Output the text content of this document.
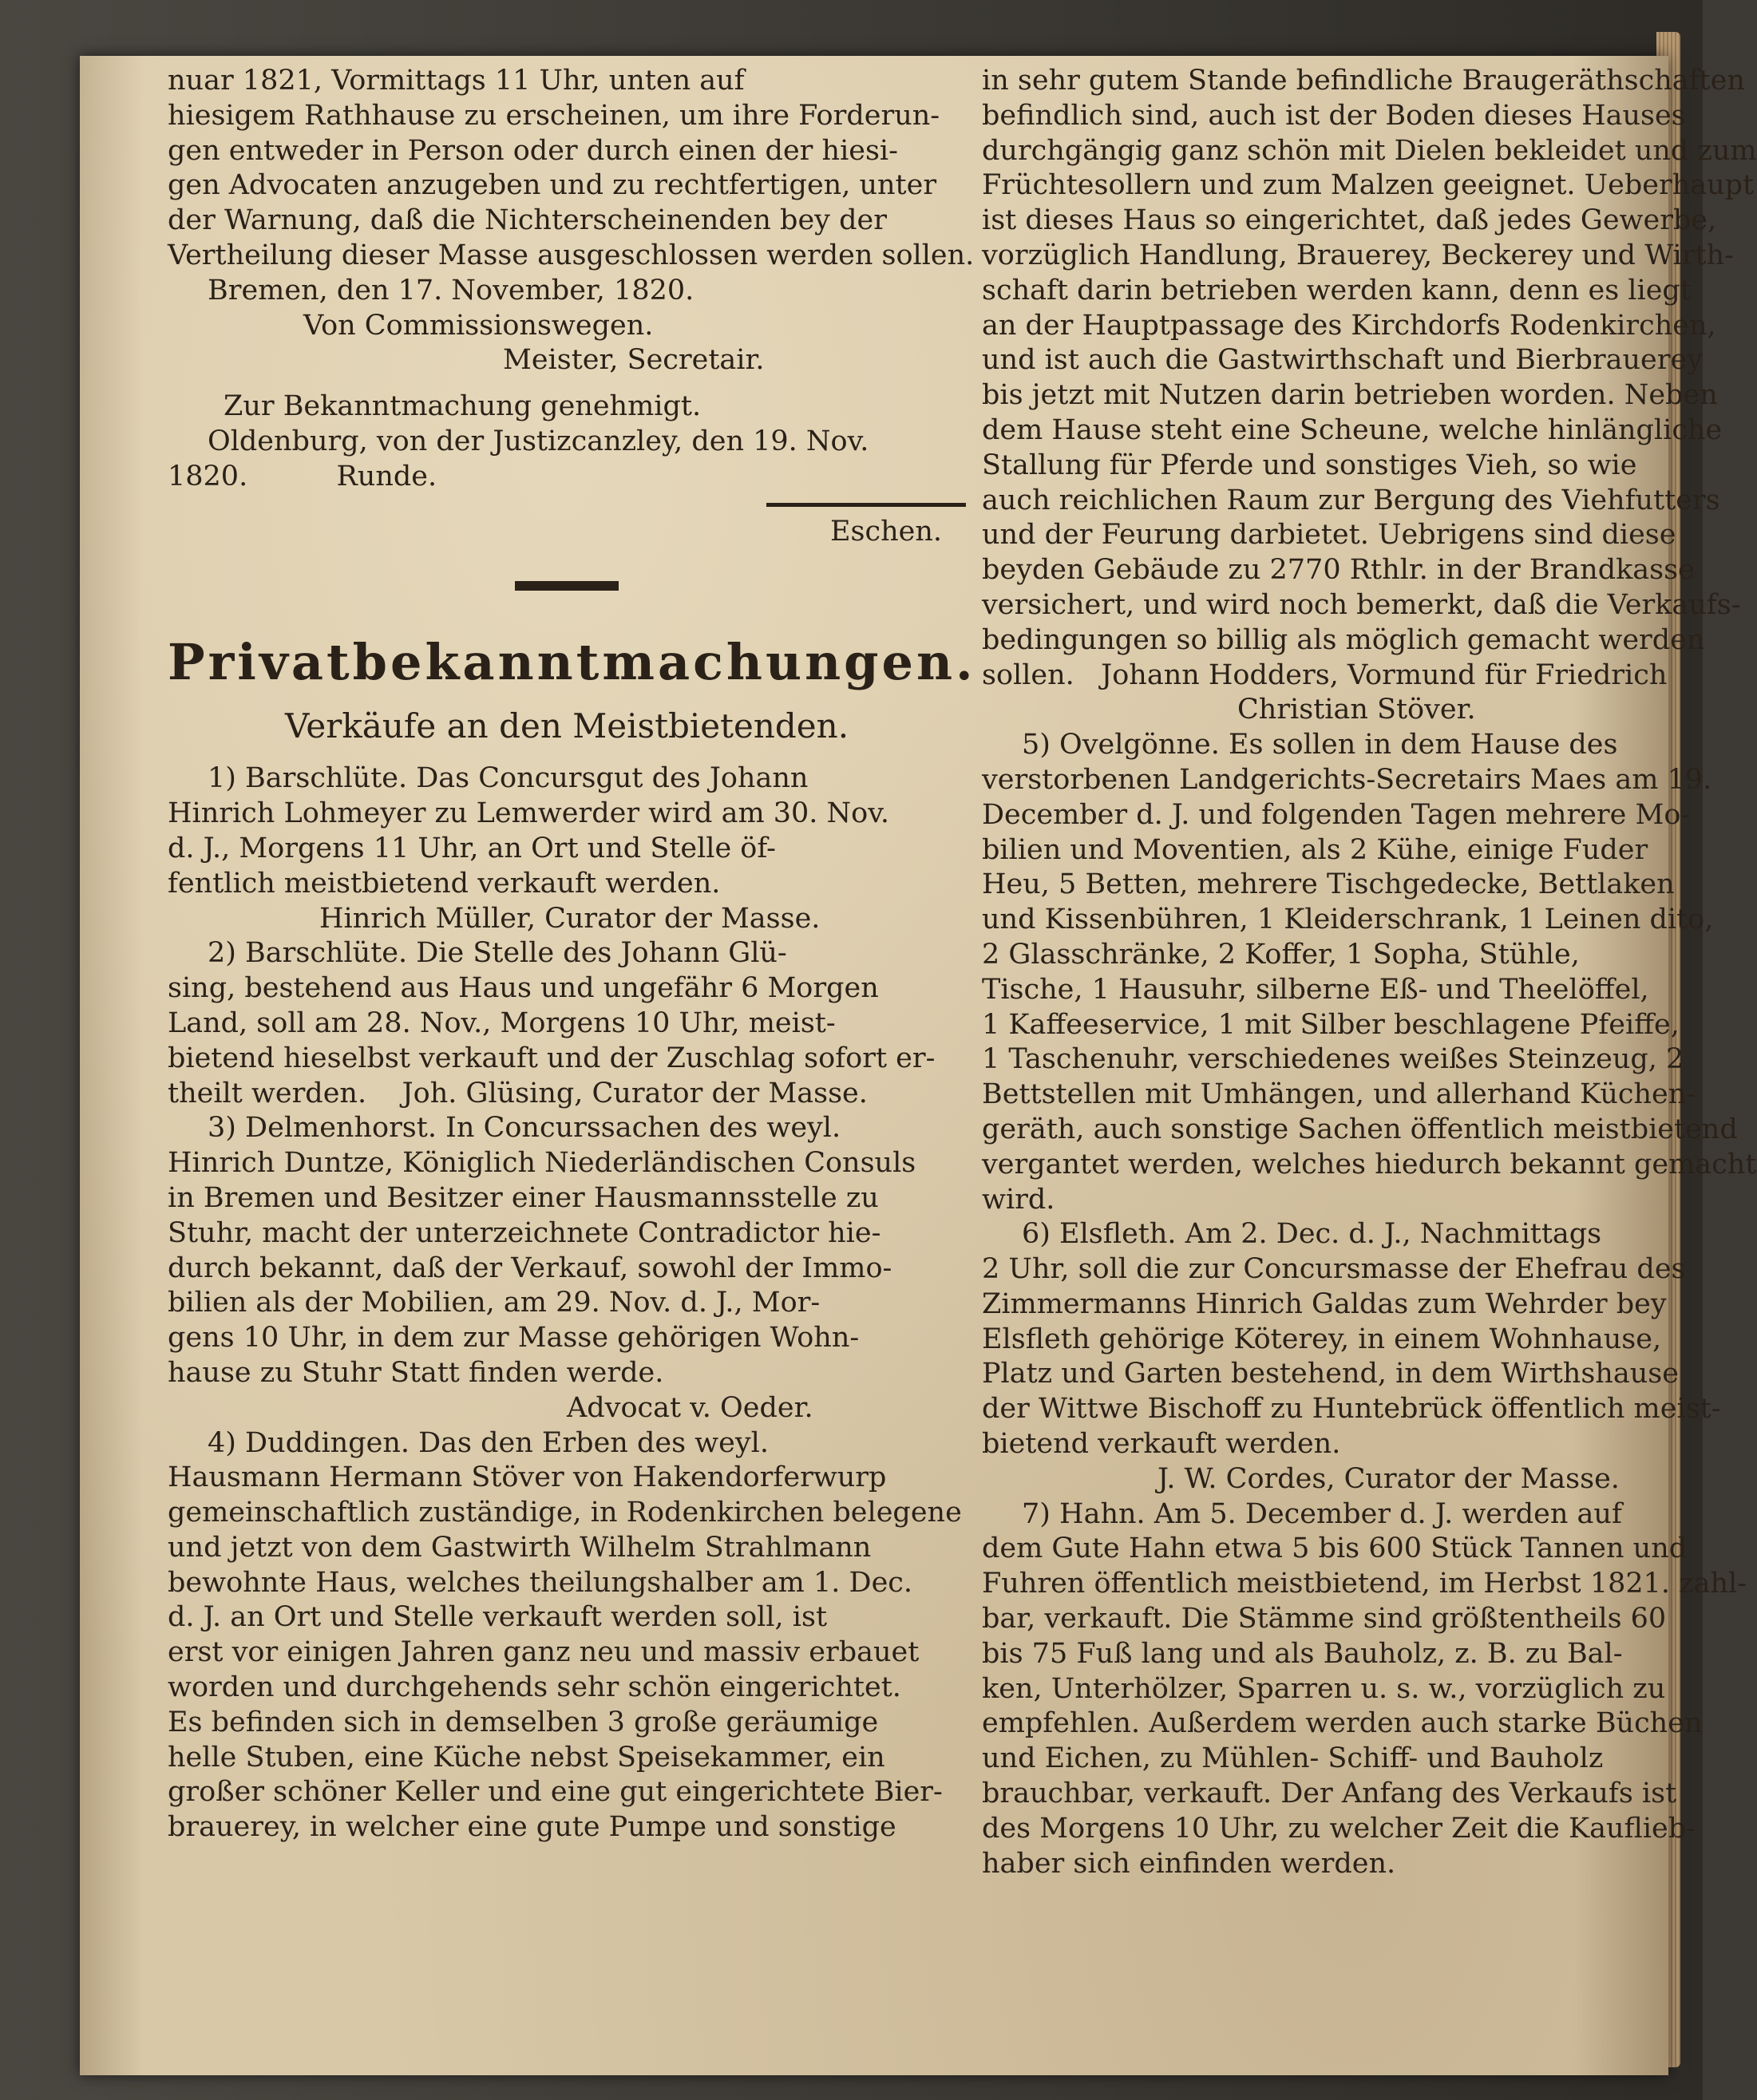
nuar 1821, Vormittags 11 Uhr, unten auf
hiesigem Rathhause zu erscheinen, um ihre Forderun-
gen entweder in Person oder durch einen der hiesi-
gen Advocaten anzugeben und zu rechtfertigen, unter
der Warnung, daß die Nichterscheinenden bey der
Vertheilung dieser Masse ausgeschlossen werden sollen.
Bremen, den 17. November, 1820.
Von Commissionswegen.
Meister, Secretair.
Zur Bekanntmachung genehmigt.
Oldenburg, von der Justizcanzley, den 19. Nov.
1820.          Runde.
Eschen.
Privatbekanntmachungen.
Verkäufe an den Meistbietenden.
1) Barschlüte. Das Concursgut des Johann
Hinrich Lohmeyer zu Lemwerder wird am 30. Nov.
d. J., Morgens 11 Uhr, an Ort und Stelle öf-
fentlich meistbietend verkauft werden.
Hinrich Müller, Curator der Masse.
2) Barschlüte. Die Stelle des Johann Glü-
sing, bestehend aus Haus und ungefähr 6 Morgen
Land, soll am 28. Nov., Morgens 10 Uhr, meist-
bietend hieselbst verkauft und der Zuschlag sofort er-
theilt werden.    Joh. Glüsing, Curator der Masse.
3) Delmenhorst. In Concurssachen des weyl.
Hinrich Duntze, Königlich Niederländischen Consuls
in Bremen und Besitzer einer Hausmannsstelle zu
Stuhr, macht der unterzeichnete Contradictor hie-
durch bekannt, daß der Verkauf, sowohl der Immo-
bilien als der Mobilien, am 29. Nov. d. J., Mor-
gens 10 Uhr, in dem zur Masse gehörigen Wohn-
hause zu Stuhr Statt finden werde.
Advocat v. Oeder.
4) Duddingen. Das den Erben des weyl.
Hausmann Hermann Stöver von Hakendorferwurp
gemeinschaftlich zuständige, in Rodenkirchen belegene
und jetzt von dem Gastwirth Wilhelm Strahlmann
bewohnte Haus, welches theilungshalber am 1. Dec.
d. J. an Ort und Stelle verkauft werden soll, ist
erst vor einigen Jahren ganz neu und massiv erbauet
worden und durchgehends sehr schön eingerichtet.
Es befinden sich in demselben 3 große geräumige
helle Stuben, eine Küche nebst Speisekammer, ein
großer schöner Keller und eine gut eingerichtete Bier-
brauerey, in welcher eine gute Pumpe und sonstige
in sehr gutem Stande befindliche Braugeräthschaften
befindlich sind, auch ist der Boden dieses Hauses
durchgängig ganz schön mit Dielen bekleidet und zum
Früchtesollern und zum Malzen geeignet. Ueberhaupt
ist dieses Haus so eingerichtet, daß jedes Gewerbe,
vorzüglich Handlung, Brauerey, Beckerey und Wirth-
schaft darin betrieben werden kann, denn es liegt
an der Hauptpassage des Kirchdorfs Rodenkirchen,
und ist auch die Gastwirthschaft und Bierbrauerey
bis jetzt mit Nutzen darin betrieben worden. Neben
dem Hause steht eine Scheune, welche hinlängliche
Stallung für Pferde und sonstiges Vieh, so wie
auch reichlichen Raum zur Bergung des Viehfutters
und der Feurung darbietet. Uebrigens sind diese
beyden Gebäude zu 2770 Rthlr. in der Brandkasse
versichert, und wird noch bemerkt, daß die Verkaufs-
bedingungen so billig als möglich gemacht werden
sollen.   Johann Hodders, Vormund für Friedrich
Christian Stöver.
5) Ovelgönne. Es sollen in dem Hause des
verstorbenen Landgerichts-Secretairs Maes am 19.
December d. J. und folgenden Tagen mehrere Mo-
bilien und Moventien, als 2 Kühe, einige Fuder
Heu, 5 Betten, mehrere Tischgedecke, Bettlaken
und Kissenbühren, 1 Kleiderschrank, 1 Leinen dito,
2 Glasschränke, 2 Koffer, 1 Sopha, Stühle,
Tische, 1 Hausuhr, silberne Eß- und Theelöffel,
1 Kaffeeservice, 1 mit Silber beschlagene Pfeiffe,
1 Taschenuhr, verschiedenes weißes Steinzeug, 2
Bettstellen mit Umhängen, und allerhand Küchen-
geräth, auch sonstige Sachen öffentlich meistbietend
vergantet werden, welches hiedurch bekannt gemacht
wird.
6) Elsfleth. Am 2. Dec. d. J., Nachmittags
2 Uhr, soll die zur Concursmasse der Ehefrau des
Zimmermanns Hinrich Galdas zum Wehrder bey
Elsfleth gehörige Köterey, in einem Wohnhause,
Platz und Garten bestehend, in dem Wirthshause
der Wittwe Bischoff zu Huntebrück öffentlich meist-
bietend verkauft werden.
J. W. Cordes, Curator der Masse.
7) Hahn. Am 5. December d. J. werden auf
dem Gute Hahn etwa 5 bis 600 Stück Tannen und
Fuhren öffentlich meistbietend, im Herbst 1821. zahl-
bar, verkauft. Die Stämme sind größtentheils 60
bis 75 Fuß lang und als Bauholz, z. B. zu Bal-
ken, Unterhölzer, Sparren u. s. w., vorzüglich zu
empfehlen. Außerdem werden auch starke Büchen
und Eichen, zu Mühlen- Schiff- und Bauholz
brauchbar, verkauft. Der Anfang des Verkaufs ist
des Morgens 10 Uhr, zu welcher Zeit die Kauflieb-
haber sich einfinden werden.
